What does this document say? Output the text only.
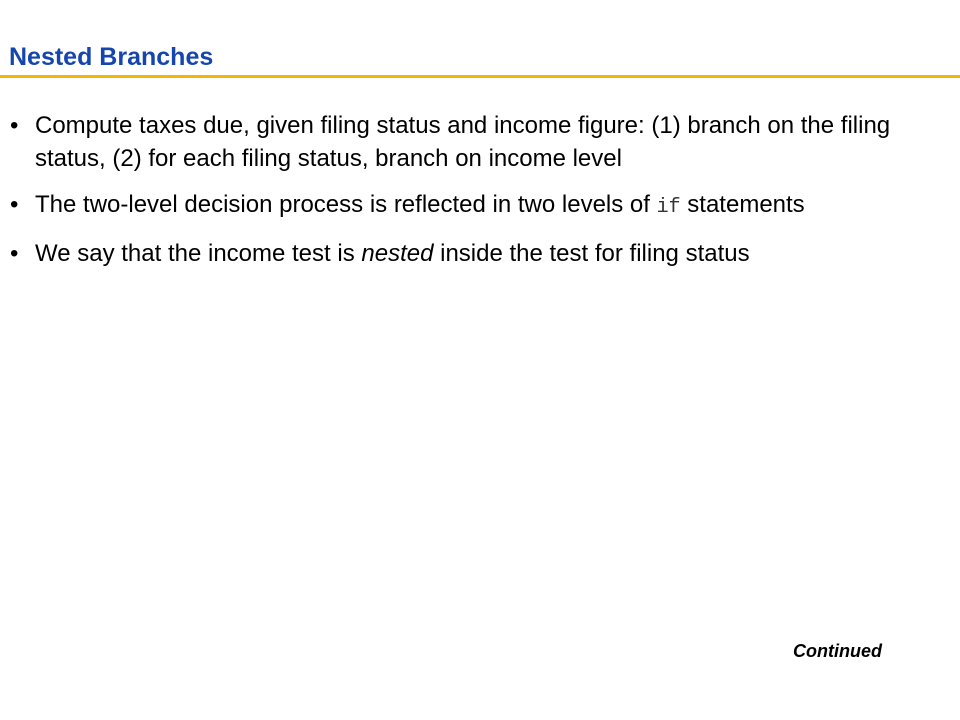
Nested Branches
• Compute taxes due, given filing status and income figure: (1) branch on the filing status, (2) for each filing status, branch on income level
• The two-level decision process is reflected in two levels of if statements
• We say that the income test is nested inside the test for filing status
Continued
